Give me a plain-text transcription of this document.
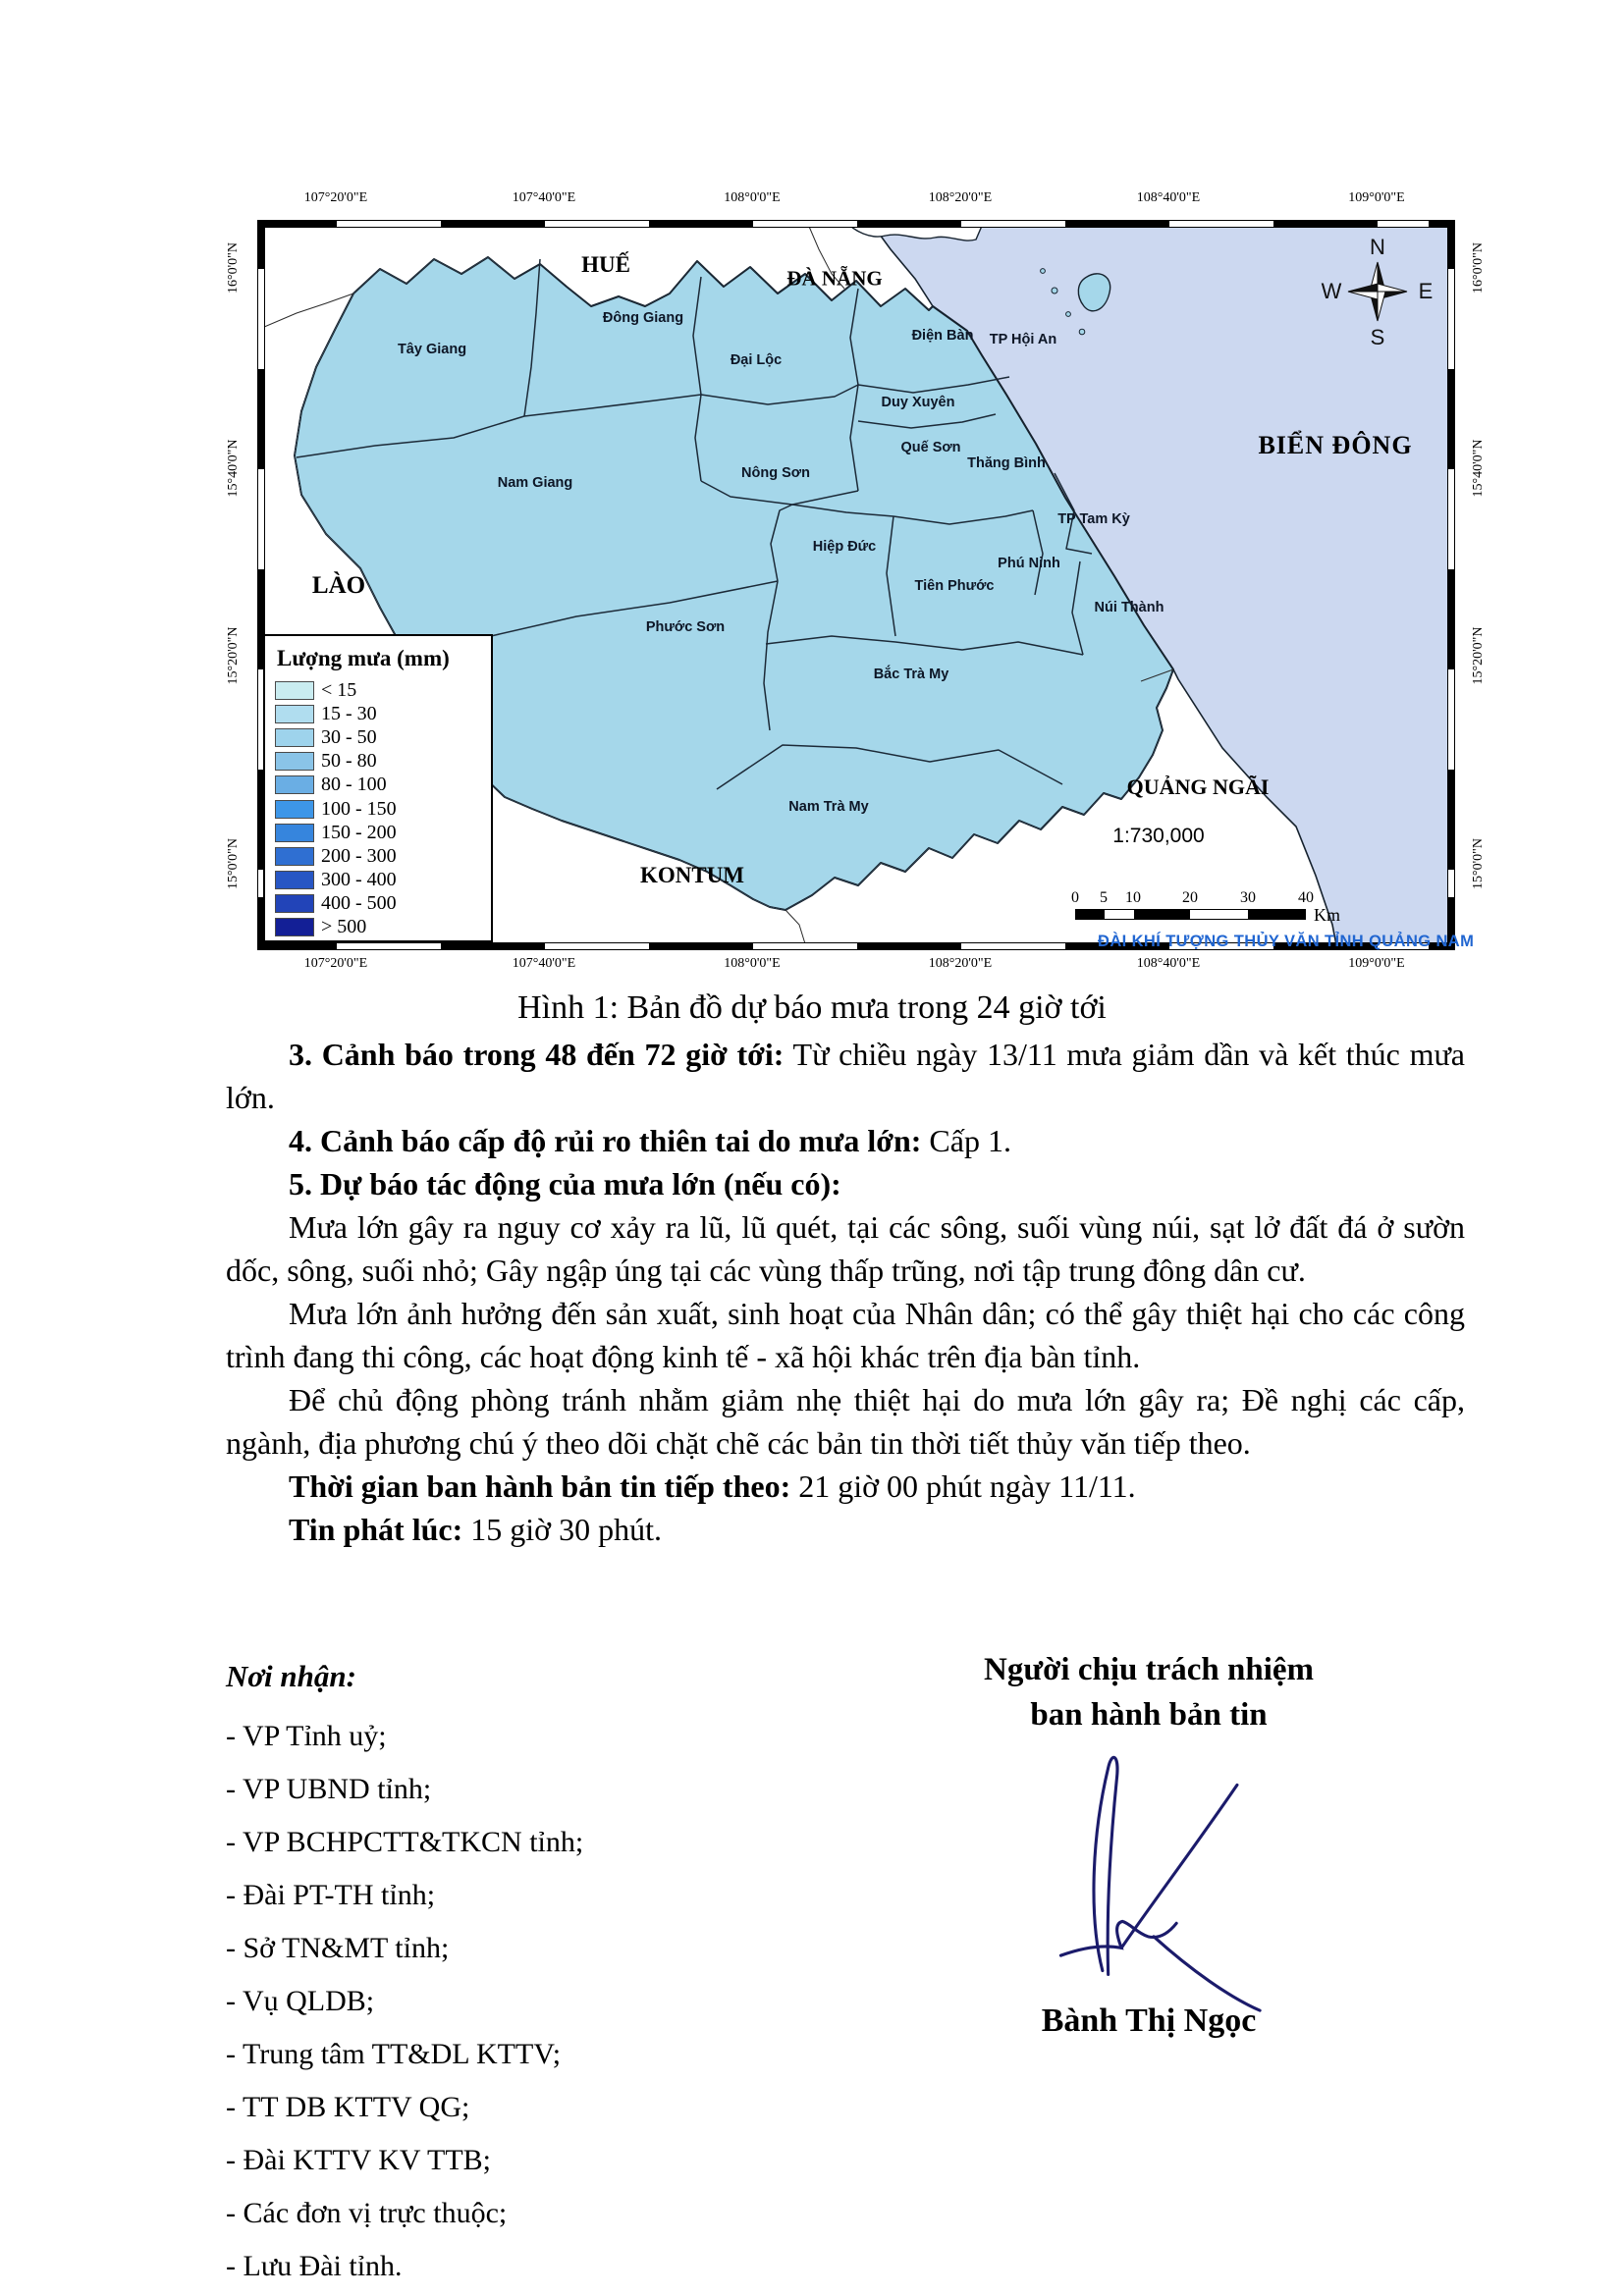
107°20'0"E	107°40'0"E	108°0'0"E	108°20'0"E	108°40'0"E	109°0'0"E
107°20'0"E	107°40'0"E	108°0'0"E	108°20'0"E	108°40'0"E	109°0'0"E
16°0'0"N
15°40'0"N
15°20'0"N
15°0'0"N
16°0'0"N
15°40'0"N
15°20'0"N
15°0'0"N
HUẾ
ĐÀ NẴNG
LÀO
KONTUM
QUẢNG NGÃI
BIỂN ĐÔNG
Tây Giang
Đông Giang
Điện Bàn TP Hội An
Đại Lộc
Duy Xuyên
Quế Sơn
Thăng Bình
Nam Giang
Nông Sơn
TP Tam Kỳ
Hiệp Đức
Phú Ninh
Tiên Phước
Núi Thành
Phước Sơn
Bắc Trà My
Nam Trà My
N
S
W	E
1:730,000
0 5 10	20	30	40
Km
Lượng mưa (mm)
< 15
15 - 30
30 - 50
50 - 80
80 - 100
100 - 150
150 - 200
200 - 300
300 - 400
400 - 500
> 500
ĐÀI KHÍ TƯỢNG THỦY VĂN TỈNH QUẢNG NAM
Hình 1: Bản đồ dự báo mưa trong 24 giờ tới

3. Cảnh báo trong 48 đến 72 giờ tới: Từ chiều ngày 13/11 mưa giảm dần và kết thúc mưa lớn.

4. Cảnh báo cấp độ rủi ro thiên tai do mưa lớn: Cấp 1.

5. Dự báo tác động của mưa lớn (nếu có):

Mưa lớn gây ra nguy cơ xảy ra lũ, lũ quét, tại các sông, suối vùng núi, sạt lở đất đá ở sườn dốc, sông, suối nhỏ; Gây ngập úng tại các vùng thấp trũng, nơi tập trung đông dân cư.

Mưa lớn ảnh hưởng đến sản xuất, sinh hoạt của Nhân dân; có thể gây thiệt hại cho các công trình đang thi công, các hoạt động kinh tế - xã hội khác trên địa bàn tỉnh.

Để chủ động phòng tránh nhằm giảm nhẹ thiệt hại do mưa lớn gây ra; Đề nghị các cấp, ngành, địa phương chú ý theo dõi chặt chẽ các bản tin thời tiết thủy văn tiếp theo.

Thời gian ban hành bản tin tiếp theo: 21 giờ 00 phút ngày 11/11.

Tin phát lúc: 15 giờ 30 phút.

Nơi nhận:
- VP Tỉnh uỷ;
- VP UBND tỉnh;
- VP BCHPCTT&TKCN tỉnh;
- Đài PT-TH tỉnh;
- Sở TN&MT tỉnh;
- Vụ QLDB;
- Trung tâm TT&DL KTTV;
- TT DB KTTV QG;
- Đài KTTV KV TTB;
- Các đơn vị trực thuộc;
- Lưu Đài tỉnh.
Người chịu trách nhiệm
ban hành bản tin
Bành Thị Ngọc
